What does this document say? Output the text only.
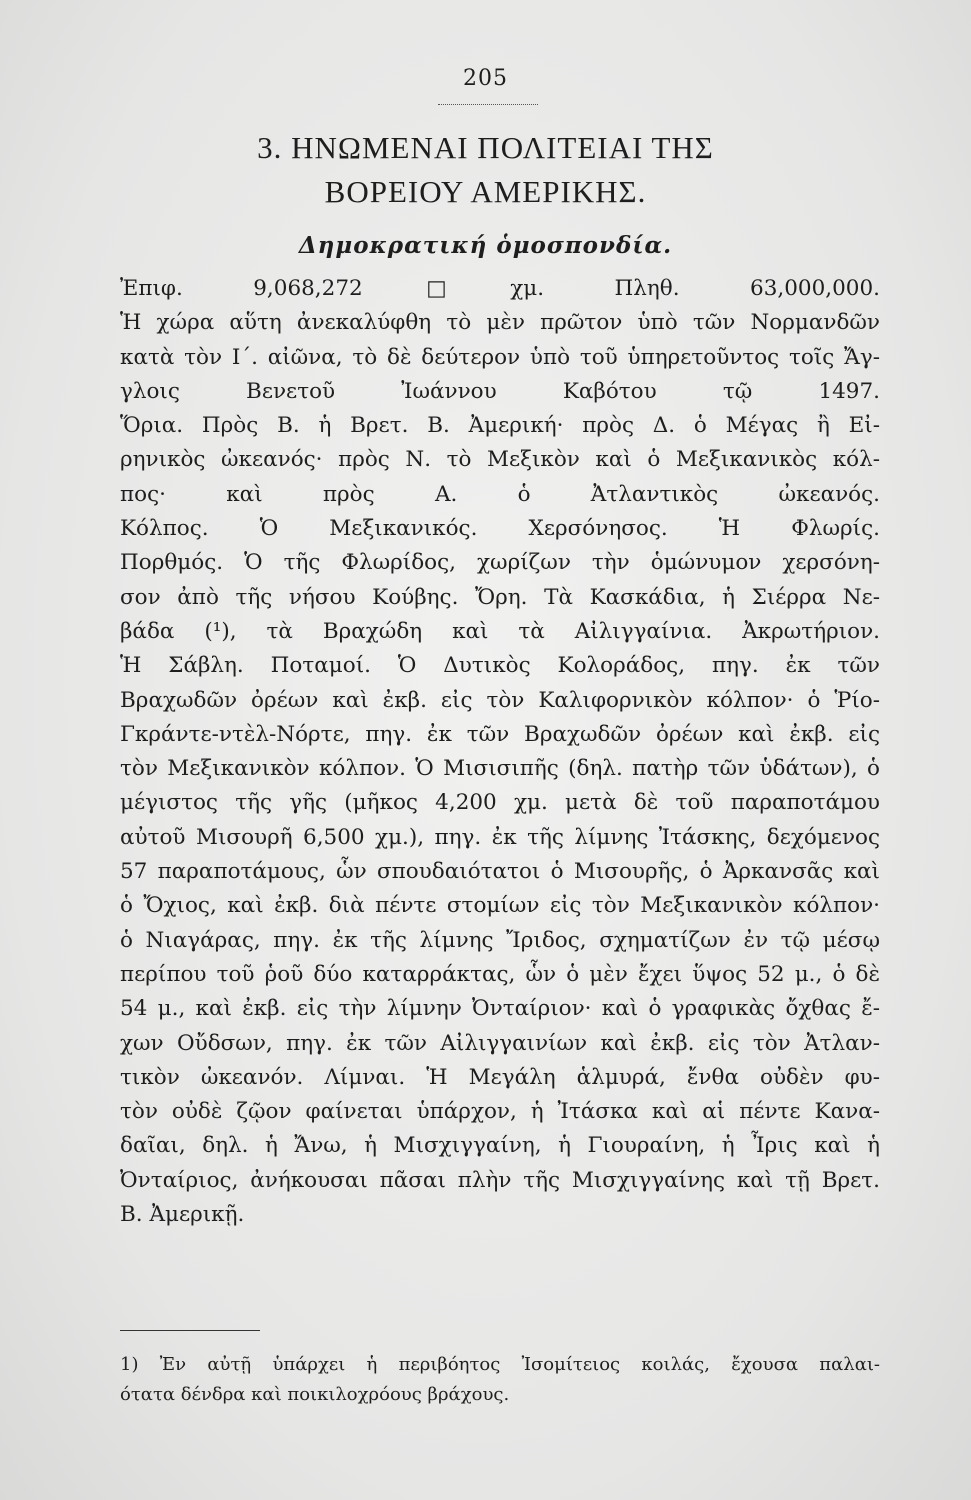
205
3. ΗΝΩΜΕΝΑΙ ΠΟΛΙΤΕΙΑΙ ΤΗΣ
ΒΟΡΕΙΟΥ ΑΜΕΡΙΚΗΣ.
Δημοκρατική ὁμοσπονδία.
Ἐπιφ. 9,068,272□χμ. Πληθ. 63,000,000.
Ἡ χώρα αὕτη ἀνεκαλύφθη τὸ μὲν πρῶτον ὑπὸ τῶν Νορμανδῶν
κατὰ τὸν Ι΄. αἰῶνα, τὸ δὲ δεύτερον ὑπὸ τοῦ ὑπηρετοῦντος τοῖς Ἄγ-
γλοις Βενετοῦ Ἰωάννου Καβότου τῷ 1497.
Ὅρια. Πρὸς Β. ἡ Βρετ. Β. Ἀμερική· πρὸς Δ. ὁ Μέγας ἢ Εἰ-
ρηνικὸς ὠκεανός· πρὸς Ν. τὸ Μεξικὸν καὶ ὁ Μεξικανικὸς κόλ-
πος· καὶ πρὸς Α. ὁ Ἀτλαντικὸς ὠκεανός.
Κόλπος. Ὁ Μεξικανικός. Χερσόνησος. Ἡ Φλωρίς.
Πορθμός. Ὁ τῆς Φλωρίδος, χωρίζων τὴν ὁμώνυμον χερσόνη-
σον ἀπὸ τῆς νήσου Κούβης. Ὄρη. Τὰ Κασκάδια, ἡ Σιέρρα Νε-
βάδα (¹), τὰ Βραχώδη καὶ τὰ Αἰλιγγαίνια. Ἀκρωτήριον.
Ἡ Σάβλη. Ποταμοί. Ὁ Δυτικὸς Κολοράδος, πηγ. ἐκ τῶν
Βραχωδῶν ὀρέων καὶ ἐκβ. εἰς τὸν Καλιφορνικὸν κόλπον· ὁ Ῥίο-
Γκράντε-ντὲλ-Νόρτε, πηγ. ἐκ τῶν Βραχωδῶν ὀρέων καὶ ἐκβ. εἰς
τὸν Μεξικανικὸν κόλπον. Ὁ Μισισιπῆς (δηλ. πατὴρ τῶν ὑδάτων), ὁ
μέγιστος τῆς γῆς (μῆκος 4,200 χμ. μετὰ δὲ τοῦ παραποτάμου
αὐτοῦ Μισουρῆ 6,500 χμ.), πηγ. ἐκ τῆς λίμνης Ἰτάσκης, δεχόμενος
57 παραποτάμους, ὧν σπουδαιότατοι ὁ Μισουρῆς, ὁ Ἀρκανσᾶς καὶ
ὁ Ὄχιος, καὶ ἐκβ. διὰ πέντε στομίων εἰς τὸν Μεξικανικὸν κόλπον·
ὁ Νιαγάρας, πηγ. ἐκ τῆς λίμνης Ἴριδος, σχηματίζων ἐν τῷ μέσῳ
περίπου τοῦ ῥοῦ δύο καταρράκτας, ὧν ὁ μὲν ἔχει ὕψος 52 μ., ὁ δὲ
54 μ., καὶ ἐκβ. εἰς τὴν λίμνην Ὀνταίριον· καὶ ὁ γραφικὰς ὄχθας ἔ-
χων Οὔδσων, πηγ. ἐκ τῶν Αἰλιγγαινίων καὶ ἐκβ. εἰς τὸν Ἀτλαν-
τικὸν ὠκεανόν. Λίμναι. Ἡ Μεγάλη ἁλμυρά, ἔνθα οὐδὲν φυ-
τὸν οὐδὲ ζῷον φαίνεται ὑπάρχον, ἡ Ἰτάσκα καὶ αἱ πέντε Κανα-
δαῖαι, δηλ. ἡ Ἄνω, ἡ Μισχιγγαίνη, ἡ Γιουραίνη, ἡ Ἶρις καὶ ἡ
Ὀνταίριος, ἀνήκουσαι πᾶσαι πλὴν τῆς Μισχιγγαίνης καὶ τῇ Βρετ.
Β. Ἀμερικῇ.
1) Ἐν αὐτῇ ὑπάρχει ἡ περιβόητος Ἰσομίτειος κοιλάς, ἔχουσα παλαι-
ότατα δένδρα καὶ ποικιλοχρόους βράχους.
